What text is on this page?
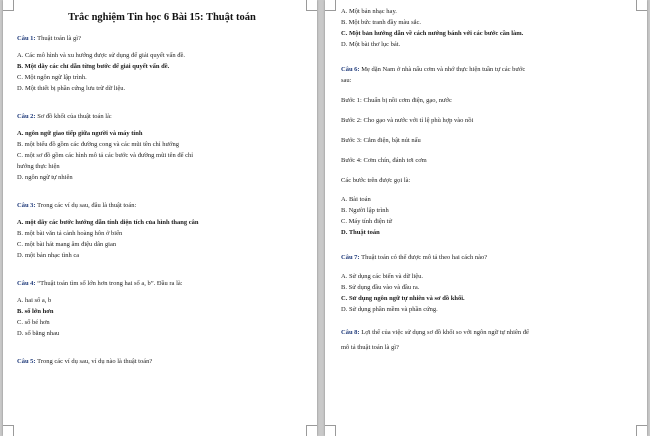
Trắc nghiệm Tin học 6 Bài 15: Thuật toán
Câu 1: Thuật toán là gì?
A. Các mô hình và xu hướng được sử dụng để giải quyết vấn đề.
B. Một dãy các chỉ dẫn từng bước để giải quyết vấn đề.
C. Một ngôn ngữ lập trình.
D. Một thiết bị phần cứng lưu trữ dữ liệu.
Câu 2: Sơ đồ khối của thuật toán là:
A. ngôn ngữ giao tiếp giữa người và máy tính
B. một biểu đồ gồm các đường cong và các mũi tên chỉ hướng
C. một sơ đồ gồm các hình mô tả các bước và đường mũi tên để chỉ
hướng thực hiện
D. ngôn ngữ tự nhiên
Câu 3: Trong các ví dụ sau, đâu là thuật toán:
A. một dãy các bước hướng dẫn tính diện tích của hình thang cân
B. một bài văn tả cảnh hoàng hôn ở biển
C. một bài hát mang âm điệu dân gian
D. một bản nhạc tình ca
Câu 4: “Thuật toán tìm số lớn hơn trong hai số a, b”. Đầu ra là:
A. hai số a, b
B. số lớn hơn
C. số bé hơn
D. số bằng nhau
Câu 5: Trong các ví dụ sau, ví dụ nào là thuật toán?
A. Một bản nhạc hay.
B. Một bức tranh đầy màu sắc.
C. Một bản hướng dẫn về cách nướng bánh với các bước cần làm.
D. Một bài thơ lục bát.
Câu 6: Mẹ dặn Nam ở nhà nấu cơm và nhớ thực hiện tuần tự các bước
sau:
Bước 1: Chuẩn bị nồi cơm điện, gạo, nước
Bước 2: Cho gạo và nước với tỉ lệ phù hợp vào nồi
Bước 3: Cắm điện, bật nút nấu
Bước 4: Cơm chín, đánh tơi cơm
Các bước trên được gọi là:
A. Bài toán
B. Người lập trình
C. Máy tính điện tử
D. Thuật toán
Câu 7: Thuật toán có thể được mô tả theo hai cách nào?
A. Sử dụng các biến và dữ liệu.
B. Sử dụng đầu vào và đầu ra.
C. Sử dụng ngôn ngữ tự nhiên và sơ đồ khối.
D. Sử dụng phần mềm và phần cứng.
Câu 8: Lợi thế của việc sử dụng sơ đồ khối so với ngôn ngữ tự nhiên để
mô tả thuật toán là gì?
